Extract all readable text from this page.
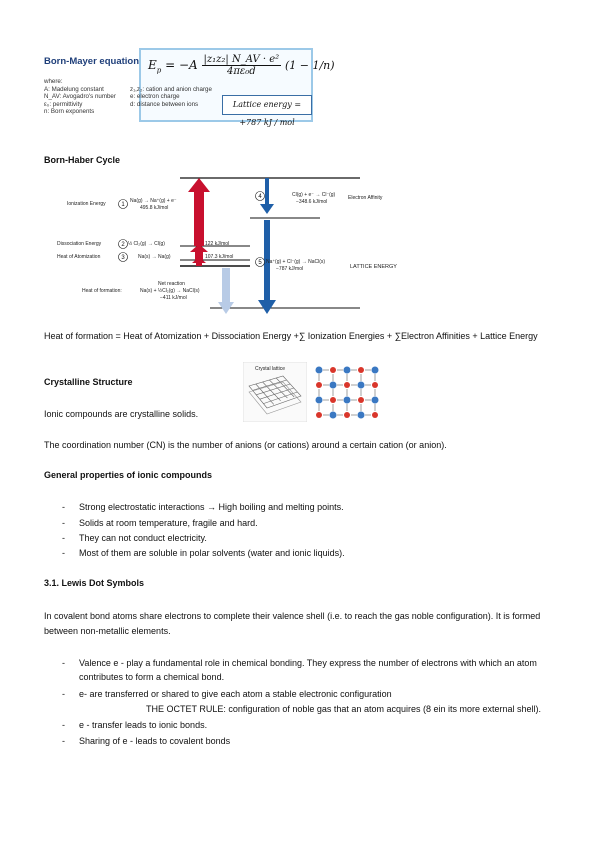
Born-Mayer equation $E_p = -A \frac{\text{|z₁z₂| N\_AV · e²}}{\text{4πε₀d}} (1 - 1/n)$
Lattice energy = +787 kJ / mol
where:
A: Madelung constant	z₁,z₂: cation and anion charge
N_AV: Avogadro's number	e: electron charge
ε₀: permittivity	d: distance between ions
n: Born exponents
Born-Haber Cycle
1
2
3
4
5
Ionization Energy	Na(g) → Na⁺(g) + e⁻
495.8 kJ/mol
Dissociation Energy	½ Cl₂(g) → Cl(g)	122 kJ/mol
Heat of Atomization	Na(s) → Na(g)	107.3 kJ/mol
Net reaction
Heat of formation:	Na(s) + ½Cl₂(g) → NaCl(s)
−411 kJ/mol
Cl(g) + e⁻ → Cl⁻(g)
−348.6 kJ/mol
Electron Affinity
Na⁺(g) + Cl⁻(g) → NaCl(s)
−787 kJ/mol	LATTICE ENERGY
Heat of formation = Heat of Atomization + Dissociation Energy +∑ Ionization Energies + ∑Electron Affinities + Lattice Energy
Crystalline Structure
Ionic compounds are crystalline solids.
Crystal lattice
The coordination number (CN) is the number of anions (or cations) around a certain cation (or anion).
General properties of ionic compounds
- Strong electrostatic interactions → High boiling and melting points.
- Solids at room temperature, fragile and hard.
- They can not conduct electricity.
- Most of them are soluble in polar solvents (water and ionic liquids).
3.1. Lewis Dot Symbols
In covalent bond atoms share electrons to complete their valence shell (i.e. to reach the gas noble configuration). It is formed between non-metallic elements.
- Valence e - play a fundamental role in chemical bonding. They express the number of electrons with which an atom contributes to form a chemical bond.
- e- are transferred or shared to give each atom a stable electronic configuration
THE OCTET RULE: configuration of noble gas that an atom acquires (8 ein its more external shell).
- e - transfer leads to ionic bonds.
- Sharing of e - leads to covalent bonds
